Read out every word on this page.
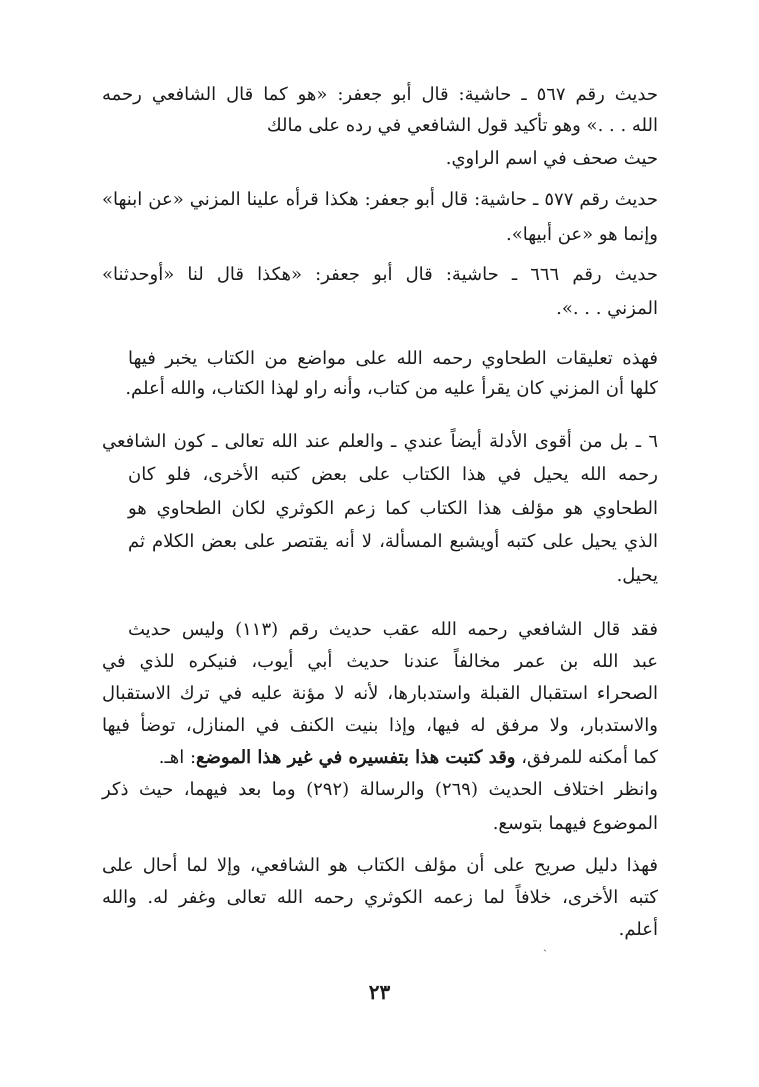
حديث رقم ٥٦٧ ـ حاشية: قال أبو جعفر: «هو كما قال الشافعي رحمه
الله . . .» وهو تأكيد قول الشافعي في رده على مالك
حيث صحف في اسم الراوي.
حديث رقم ٥٧٧ ـ حاشية: قال أبو جعفر: هكذا قرأه علينا المزني «عن ابنها»
وإنما هو «عن أبيها».
حديث رقم ٦٦٦ ـ حاشية: قال أبو جعفر: «هكذا قال لنا «أوحدثنا»
المزني . . .».
فهذه تعليقات الطحاوي رحمه الله على مواضع من الكتاب يخبر فيها
كلها أن المزني كان يقرأ عليه من كتاب، وأنه راو لهذا الكتاب، والله أعلم.
٦ ـ بل من أقوى الأدلة أيضاً عندي ـ والعلم عند الله تعالى ـ كون الشافعي
رحمه الله يحيل في هذا الكتاب على بعض كتبه الأخرى، فلو كان
الطحاوي هو مؤلف هذا الكتاب كما زعم الكوثري لكان الطحاوي هو
الذي يحيل على كتبه أويشبع المسألة، لا أنه يقتصر على بعض الكلام ثم
يحيل.
فقد قال الشافعي رحمه الله عقب حديث رقم (١١٣) وليس حديث
عبد الله بن عمر مخالفاً عندنا حديث أبي أيوب، فنيكره للذي في
الصحراء استقبال القبلة واستدبارها، لأنه لا مؤنة عليه في ترك الاستقبال
والاستدبار، ولا مرفق له فيها، وإذا بنيت الكنف في المنازل، توضأ فيها
كما أمكنه للمرفق، وقد كتبت هذا بتفسيره في غير هذا الموضع: اهـ.
وانظر اختلاف الحديث (٢٦٩) والرسالة (٢٩٢) وما بعد فيهما، حيث ذكر
الموضوع فيهما بتوسع.
فهذا دليل صريح على أن مؤلف الكتاب هو الشافعي، وإلا لما أحال على
كتبه الأخرى، خلافاً لما زعمه الكوثري رحمه الله تعالى وغفر له. والله
أعلم.
ˎ
٢٣
